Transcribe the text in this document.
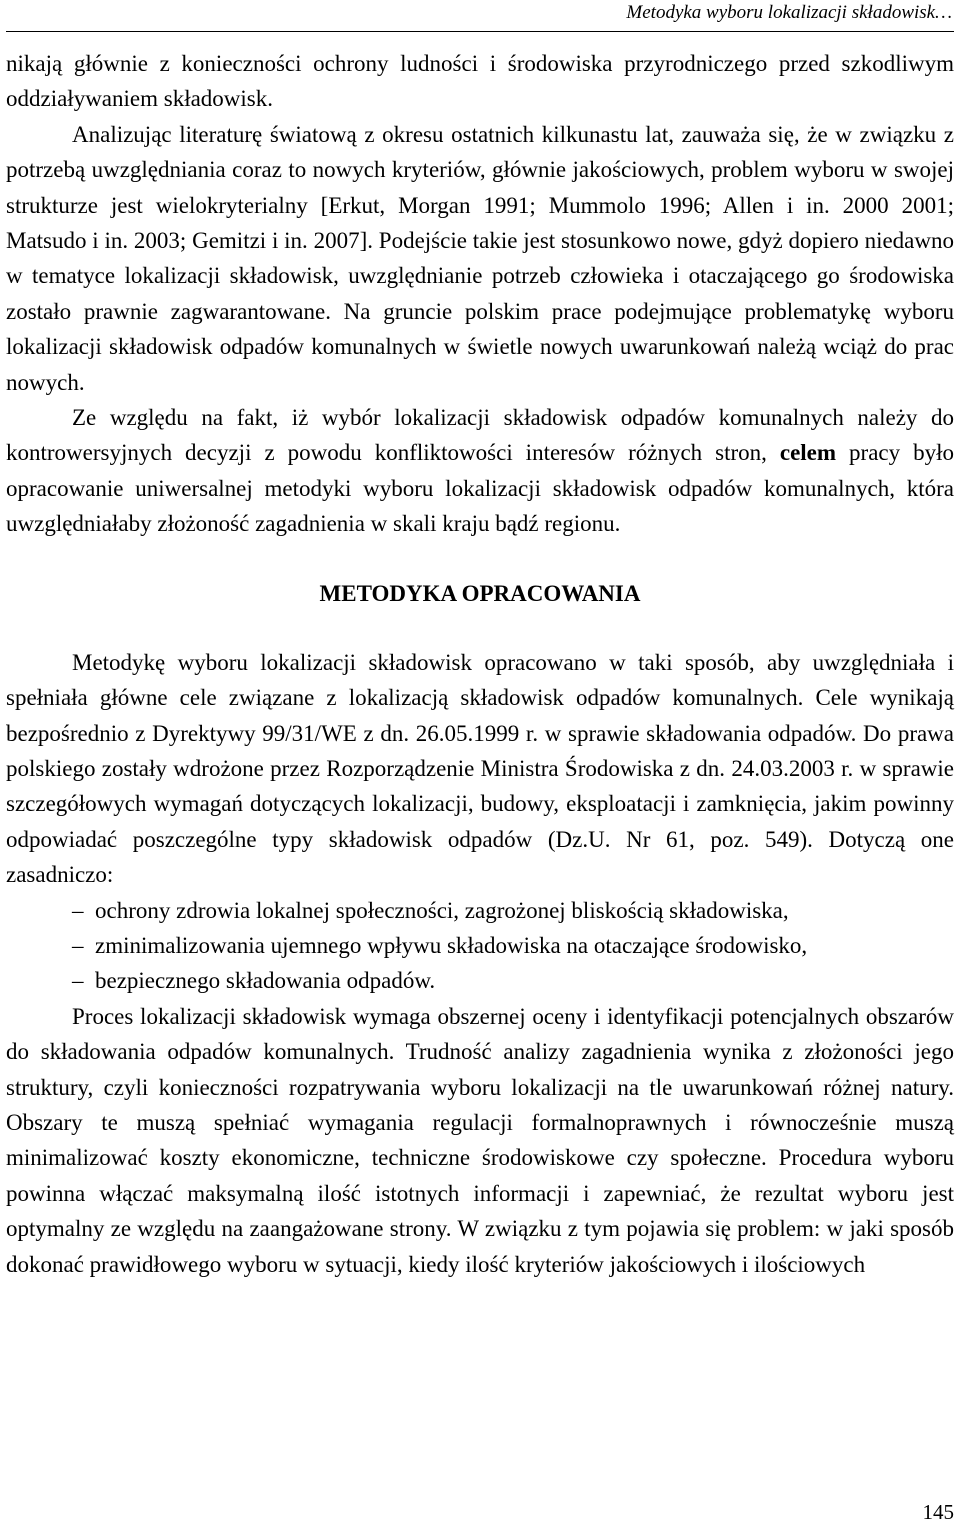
Metodyka wyboru lokalizacji składowisk…

nikają głównie z konieczności ochrony ludności i środowiska przyrodniczego przed szkodliwym oddziaływaniem składowisk.

Analizując literaturę światową z okresu ostatnich kilkunastu lat, zauważa się, że w związku z potrzebą uwzględniania coraz to nowych kryteriów, głównie jakościowych, problem wyboru w swojej strukturze jest wielokryterialny [Erkut, Morgan 1991; Mummolo 1996; Allen i in. 2000 2001; Matsudo i in. 2003; Gemitzi i in. 2007]. Podejście takie jest stosunkowo nowe, gdyż dopiero niedawno w tematyce lokalizacji składowisk, uwzględnianie potrzeb człowieka i otaczającego go środowiska zostało prawnie zagwarantowane. Na gruncie polskim prace podejmujące problematykę wyboru lokalizacji składowisk odpadów komunalnych w świetle nowych uwarunkowań należą wciąż do prac nowych.

Ze względu na fakt, iż wybór lokalizacji składowisk odpadów komunalnych należy do kontrowersyjnych decyzji z powodu konfliktowości interesów różnych stron, celem pracy było opracowanie uniwersalnej metodyki wyboru lokalizacji składowisk odpadów komunalnych, która uwzględniałaby złożoność zagadnienia w skali kraju bądź regionu.

METODYKA OPRACOWANIA

Metodykę wyboru lokalizacji składowisk opracowano w taki sposób, aby uwzględniała i spełniała główne cele związane z lokalizacją składowisk odpadów komunalnych. Cele wynikają bezpośrednio z Dyrektywy 99/31/WE z dn. 26.05.1999 r. w sprawie składowania odpadów. Do prawa polskiego zostały wdrożone przez Rozporządzenie Ministra Środowiska z dn. 24.03.2003 r. w sprawie szczegółowych wymagań dotyczących lokalizacji, budowy, eksploatacji i zamknięcia, jakim powinny odpowiadać poszczególne typy składowisk odpadów (Dz.U. Nr 61, poz. 549). Dotyczą one zasadniczo:

– ochrony zdrowia lokalnej społeczności, zagrożonej bliskością składowiska,

– zminimalizowania ujemnego wpływu składowiska na otaczające środowisko,

– bezpiecznego składowania odpadów.

Proces lokalizacji składowisk wymaga obszernej oceny i identyfikacji potencjalnych obszarów do składowania odpadów komunalnych. Trudność analizy zagadnienia wynika z złożoności jego struktury, czyli konieczności rozpatrywania wyboru lokalizacji na tle uwarunkowań różnej natury. Obszary te muszą spełniać wymagania regulacji formalnoprawnych i równocześnie muszą minimalizować koszty ekonomiczne, techniczne środowiskowe czy społeczne. Procedura wyboru powinna włączać maksymalną ilość istotnych informacji i zapewniać, że rezultat wyboru jest optymalny ze względu na zaangażowane strony. W związku z tym pojawia się problem: w jaki sposób dokonać prawidłowego wyboru w sytuacji, kiedy ilość kryteriów jakościowych i ilościowych

145
